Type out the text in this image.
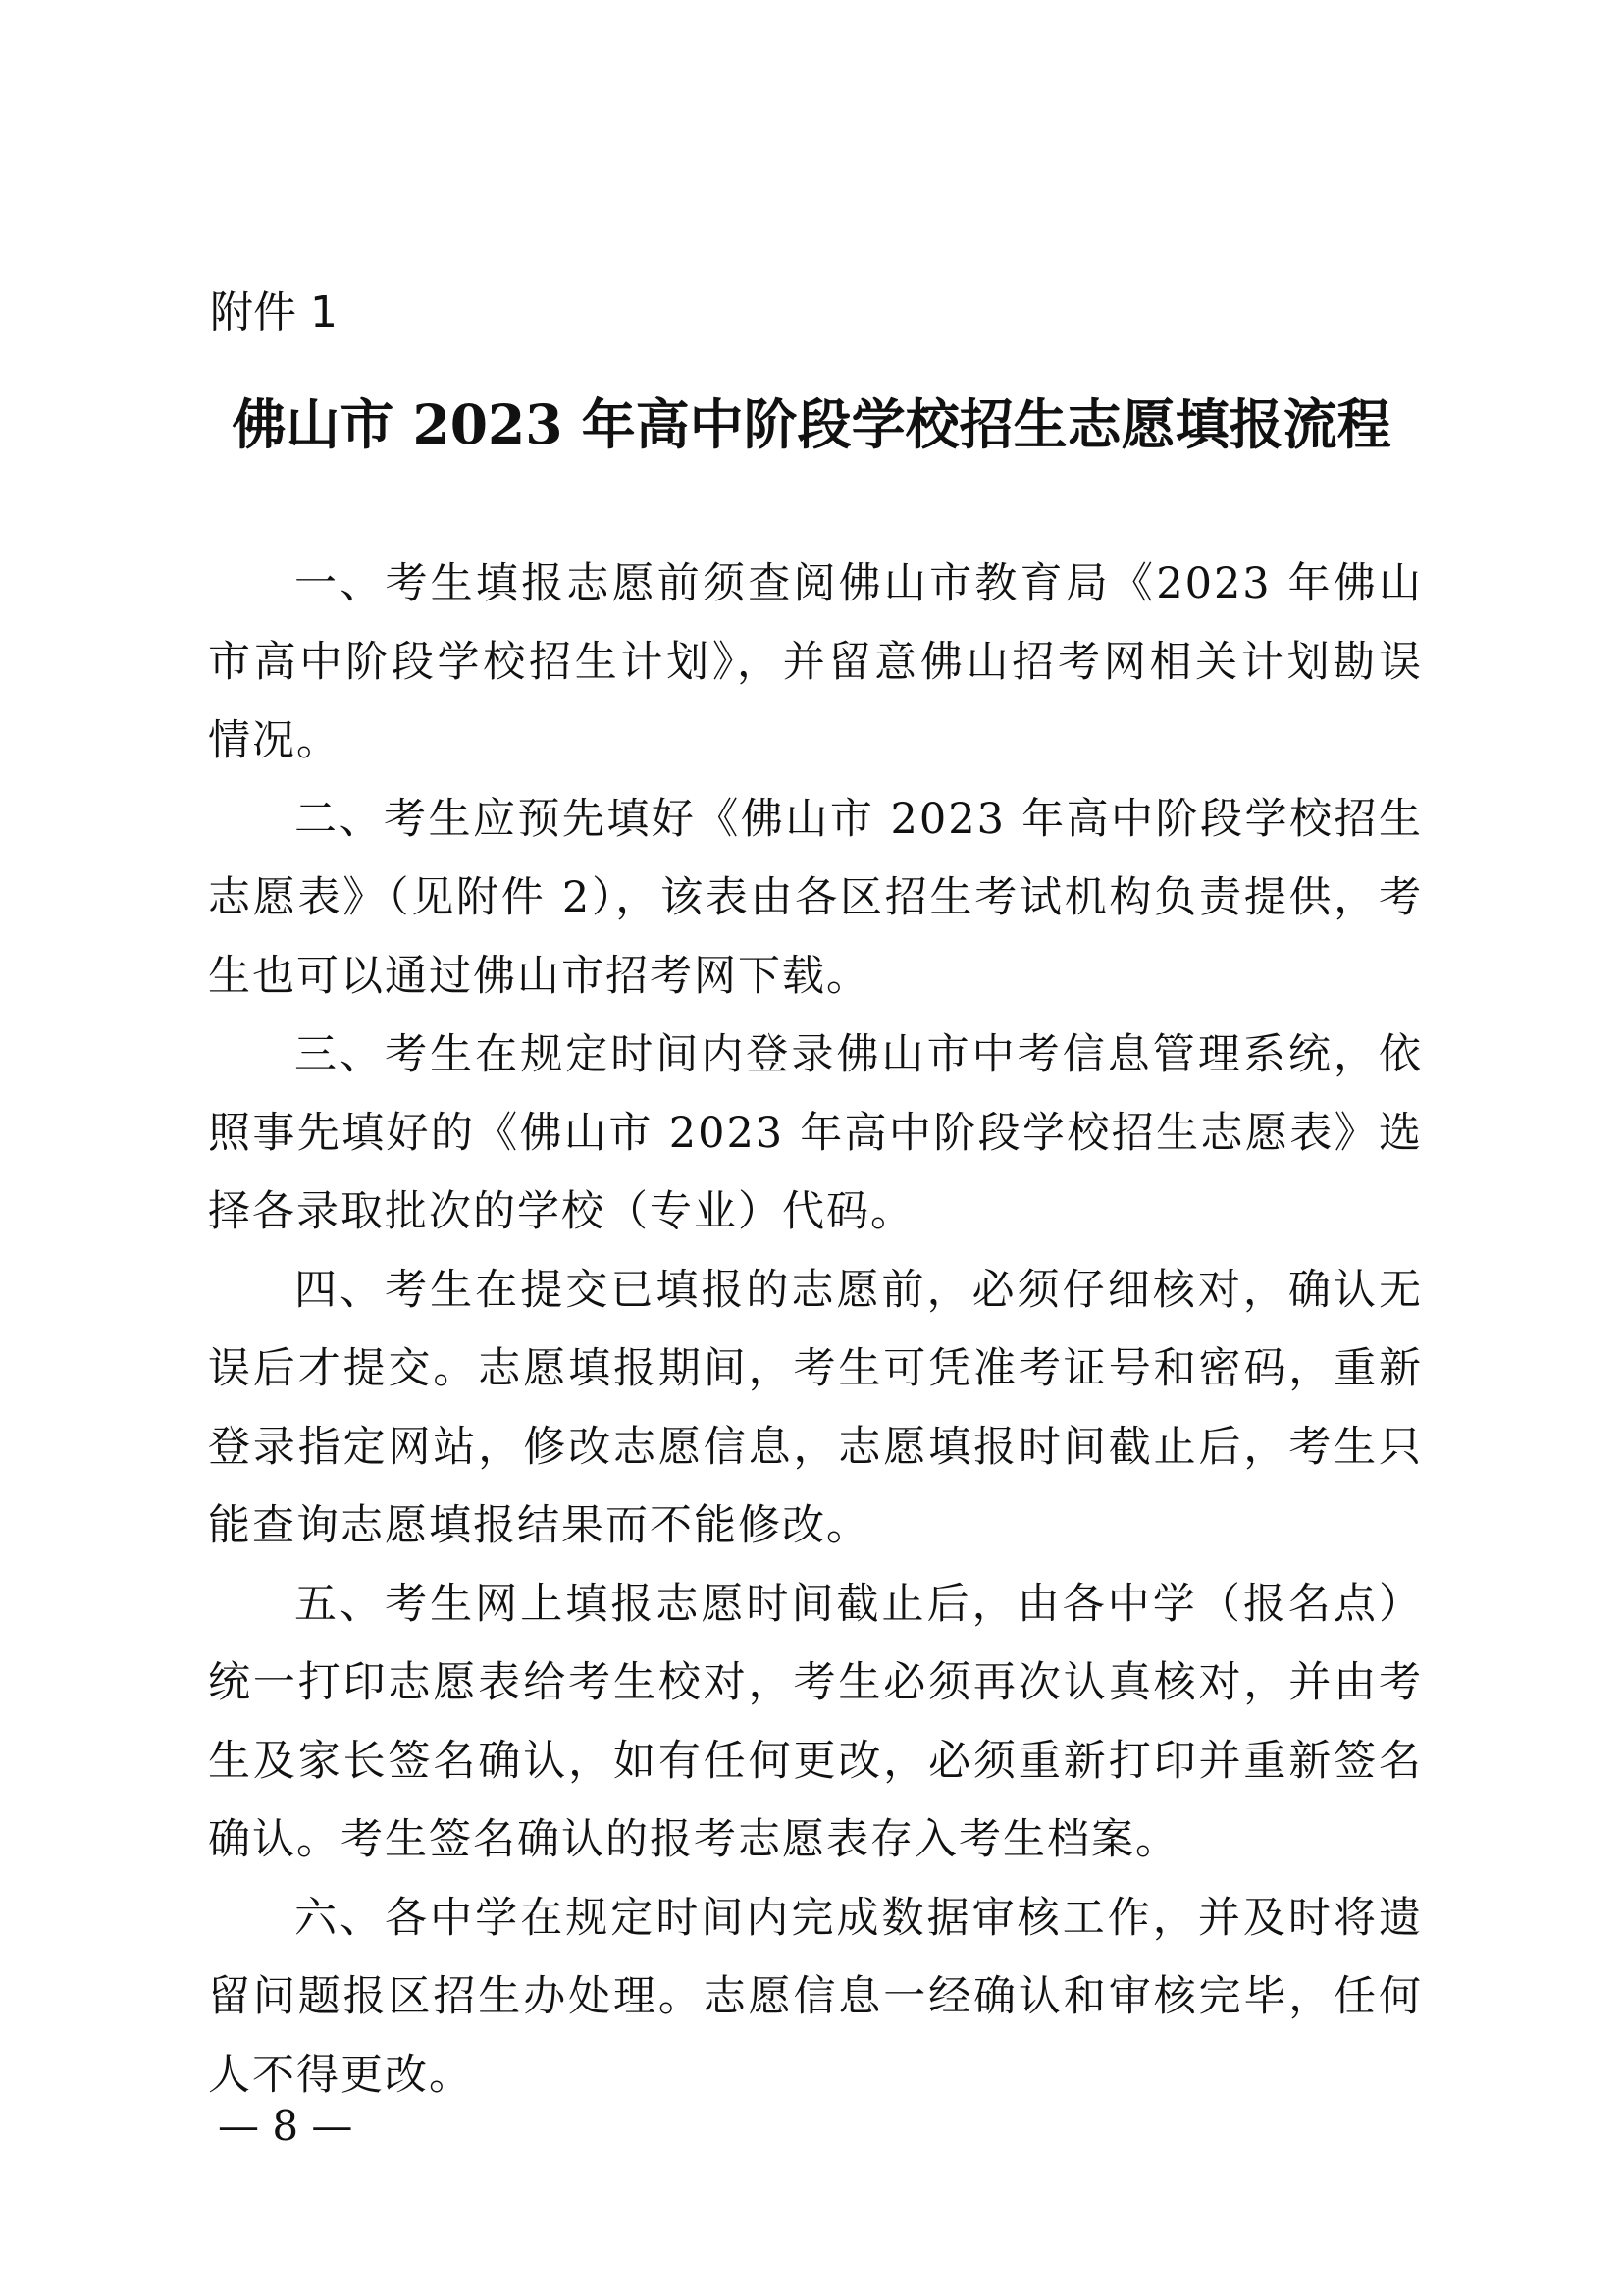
附件 1
佛山市 2023 年高中阶段学校招生志愿填报流程

一、考生填报志愿前须查阅佛山市教育局《2023 年佛山市高中阶段学校招生计划》，并留意佛山招考网相关计划勘误情况。

二、考生应预先填好《佛山市 2023 年高中阶段学校招生志愿表》（见附件 2），该表由各区招生考试机构负责提供，考生也可以通过佛山市招考网下载。

三、考生在规定时间内登录佛山市中考信息管理系统，依照事先填好的《佛山市 2023 年高中阶段学校招生志愿表》选择各录取批次的学校（专业）代码。

四、考生在提交已填报的志愿前，必须仔细核对，确认无误后才提交。志愿填报期间，考生可凭准考证号和密码，重新登录指定网站，修改志愿信息，志愿填报时间截止后，考生只能查询志愿填报结果而不能修改。

五、考生网上填报志愿时间截止后，由各中学（报名点）统一打印志愿表给考生校对，考生必须再次认真核对，并由考生及家长签名确认，如有任何更改，必须重新打印并重新签名确认。考生签名确认的报考志愿表存入考生档案。

六、各中学在规定时间内完成数据审核工作，并及时将遗留问题报区招生办处理。志愿信息一经确认和审核完毕，任何人不得更改。

— 8 —
